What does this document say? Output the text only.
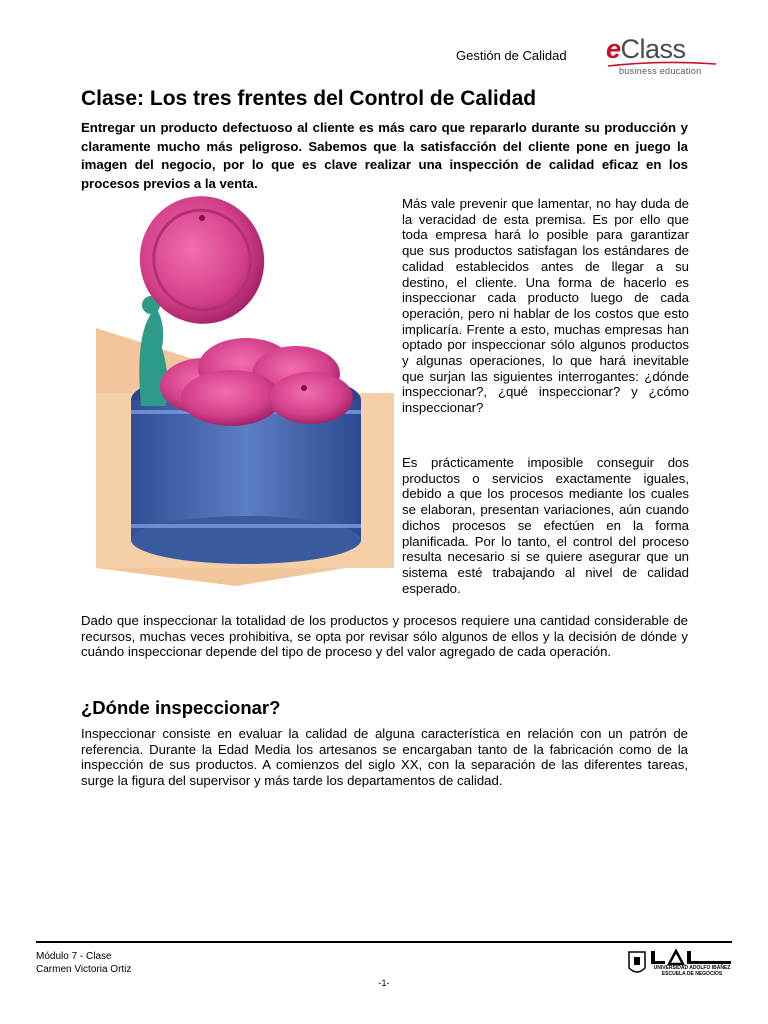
Gestión de Calidad eClass
business education
Clase: Los tres frentes del Control de Calidad

Entregar un producto defectuoso al cliente es más caro que repararlo durante su producción y claramente mucho más peligroso. Sabemos que la satisfacción del cliente pone en juego la imagen del negocio, por lo que es clave realizar una inspección de calidad eficaz en los procesos previos a la venta.

Más vale prevenir que lamentar, no hay duda de la veracidad de esta premisa. Es por ello que toda empresa hará lo posible para garantizar que sus productos satisfagan los estándares de calidad establecidos antes de llegar a su destino, el cliente. Una forma de hacerlo es inspeccionar cada producto luego de cada operación, pero ni hablar de los costos que esto implicaría. Frente a esto, muchas empresas han optado por inspeccionar sólo algunos productos y algunas operaciones, lo que hará inevitable que surjan las siguientes interrogantes: ¿dónde inspeccionar?, ¿qué inspeccionar? y ¿cómo inspeccionar?

Es prácticamente imposible conseguir dos productos o servicios exactamente iguales, debido a que los procesos mediante los cuales se elaboran, presentan variaciones, aún cuando dichos procesos se efectúen en la forma planificada. Por lo tanto, el control del proceso resulta necesario si se quiere asegurar que un sistema esté trabajando al nivel de calidad esperado.

Dado que inspeccionar la totalidad de los productos y procesos requiere una cantidad considerable de recursos, muchas veces prohibitiva, se opta por revisar sólo algunos de ellos y la decisión de dónde y cuándo inspeccionar depende del tipo de proceso y del valor agregado de cada operación.

¿Dónde inspeccionar?

Inspeccionar consiste en evaluar la calidad de alguna característica en relación con un patrón de referencia. Durante la Edad Media los artesanos se encargaban tanto de la fabricación como de la inspección de sus productos. A comienzos del siglo XX, con la separación de las diferentes tareas, surge la figura del supervisor y más tarde los departamentos de calidad.

Módulo 7 - Clase
Carmen Victoria Ortiz
-1-
UNIVERSIDAD ADOLFO IBÁÑEZ
ESCUELA DE NEGOCIOS
